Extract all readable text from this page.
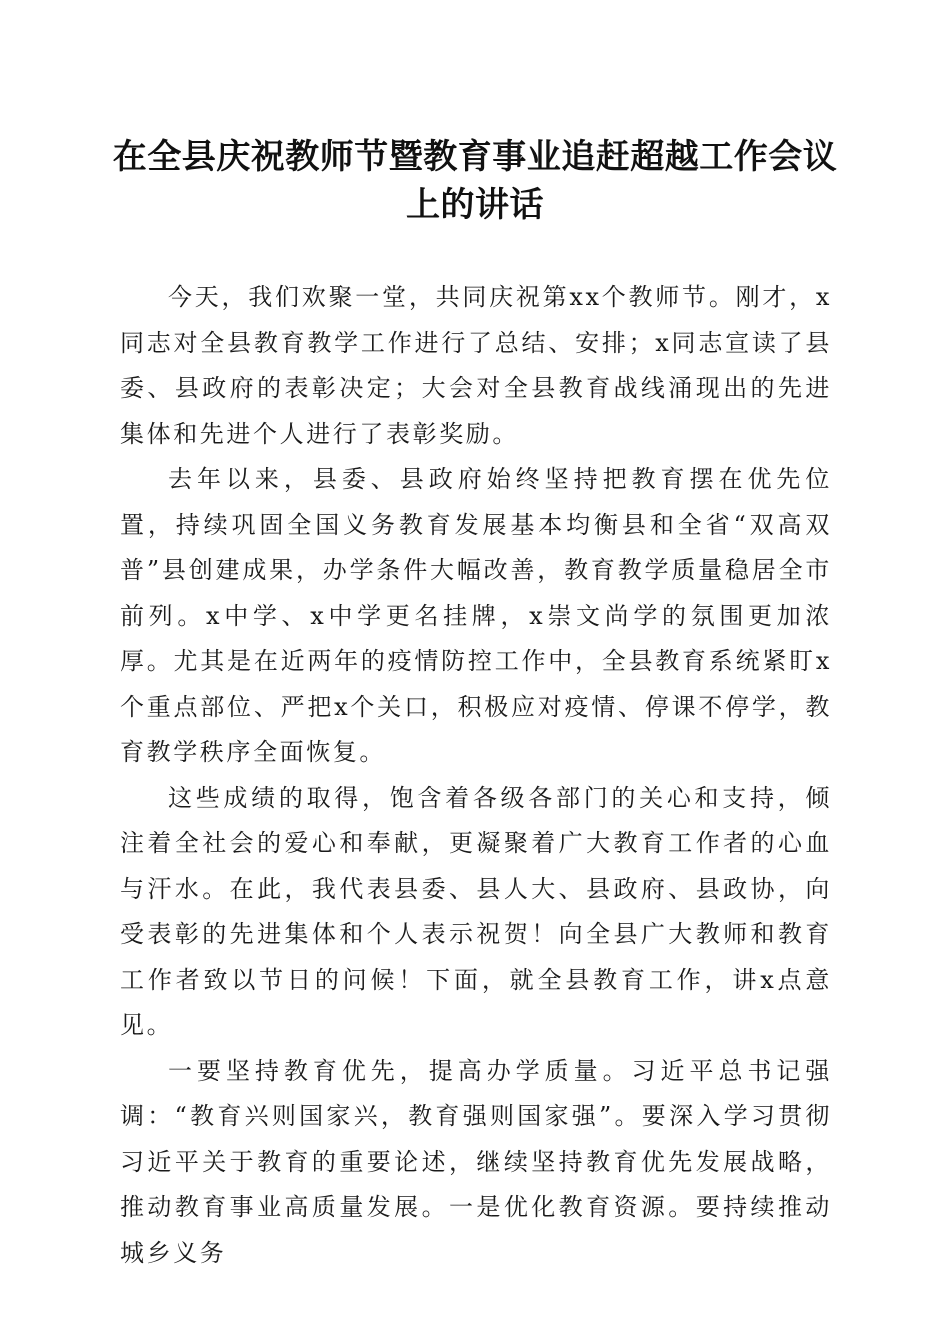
在全县庆祝教师节暨教育事业追赶超越工作会议上的讲话

今天，我们欢聚一堂，共同庆祝第xx个教师节。刚才，x同志对全县教育教学工作进行了总结、安排；x同志宣读了县委、县政府的表彰决定；大会对全县教育战线涌现出的先进集体和先进个人进行了表彰奖励。

去年以来，县委、县政府始终坚持把教育摆在优先位置，持续巩固全国义务教育发展基本均衡县和全省“双高双普”县创建成果，办学条件大幅改善，教育教学质量稳居全市前列。x中学、x中学更名挂牌，x崇文尚学的氛围更加浓厚。尤其是在近两年的疫情防控工作中，全县教育系统紧盯x个重点部位、严把x个关口，积极应对疫情、停课不停学，教育教学秩序全面恢复。

这些成绩的取得，饱含着各级各部门的关心和支持，倾注着全社会的爱心和奉献，更凝聚着广大教育工作者的心血与汗水。在此，我代表县委、县人大、县政府、县政协，向受表彰的先进集体和个人表示祝贺！向全县广大教师和教育工作者致以节日的问候！下面，就全县教育工作，讲x点意见。

一要坚持教育优先，提高办学质量。习近平总书记强调：“教育兴则国家兴，教育强则国家强”。要深入学习贯彻习近平关于教育的重要论述，继续坚持教育优先发展战略，推动教育事业高质量发展。一是优化教育资源。要持续推动城乡义务
